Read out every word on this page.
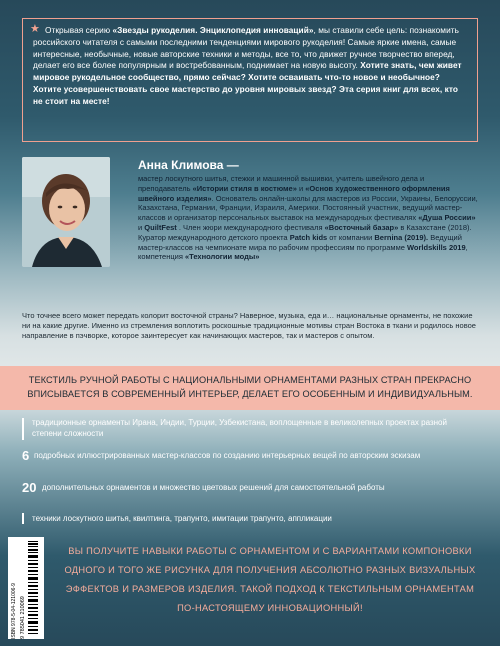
★ Открывая серию «Звезды рукоделия. Энциклопедия инноваций», мы ставили себе цель: познакомить российского читателя с самыми последними тенденциями мирового рукоделия! Самые яркие имена, самые интересные, необычные, новые авторские техники и методы, все то, что движет ручное творчество вперед, делает его все более популярным и востребованным, поднимает на новую высоту. Хотите знать, чем живет мировое рукодельное сообщество, прямо сейчас? Хотите осваивать что-то новое и необычное? Хотите усовершенствовать свое мастерство до уровня мировых звезд? Эта серия книг для всех, кто не стоит на месте!

Анна Климова —

мастер лоскутного шитья, стежки и машинной вышивки, учитель швейного дела и преподаватель «Истории стиля в костюме» и «Основ художественного оформления швейного изделия». Основатель онлайн-школы для мастеров из России, Украины, Белоруссии, Казахстана, Германии, Франции, Израиля, Америки. Постоянный участник, ведущий мастер-классов и организатор персональных выставок на международных фестивалях «Душа России» и QuiltFest . Член жюри международного фестиваля «Восточный базар» в Казахстане (2018). Куратор международного детского проекта Patch kids от компании Bernina (2019). Ведущий мастер-классов на чемпионате мира по рабочим профессиям по программе Worldskills 2019, компетенция «Технологии моды»

Что точнее всего может передать колорит восточной страны? Наверное, музыка, еда и… национальные орнаменты, не похожие ни на какие другие. Именно из стремления воплотить роскошные традиционные мотивы стран Востока в ткани и родилось новое направление в пэчворке, которое заинтересует как начинающих мастеров, так и мастеров с опытом.

ТЕКСТИЛЬ РУЧНОЙ РАБОТЫ С НАЦИОНАЛЬНЫМИ ОРНАМЕНТАМИ РАЗНЫХ СТРАН ПРЕКРАСНО ВПИСЫВАЕТСЯ В СОВРЕМЕННЫЙ ИНТЕРЬЕР, ДЕЛАЕТ ЕГО ОСОБЕННЫМ И ИНДИВИДУАЛЬНЫМ.

традиционные орнаменты Ирана, Индии, Турции, Узбекистана, воплощенные в великолепных проектах разной степени сложности

6 подробных иллюстрированных мастер-классов по созданию интерьерных вещей по авторским эскизам

20 дополнительных орнаментов и множество цветовых решений для самостоятельной работы

техники лоскутного шитья, квилтинга, трапунто, имитации трапунто, аппликации

ISBN 978-5-04-121006-9 9 785041 210069

ВЫ ПОЛУЧИТЕ НАВЫКИ РАБОТЫ С ОРНАМЕНТОМ И С ВАРИАНТАМИ КОМПОНОВКИ ОДНОГО И ТОГО ЖЕ РИСУНКА ДЛЯ ПОЛУЧЕНИЯ АБСОЛЮТНО РАЗНЫХ ВИЗУАЛЬНЫХ ЭФФЕКТОВ И РАЗМЕРОВ ИЗДЕЛИЯ. ТАКОЙ ПОДХОД К ТЕКСТИЛЬНЫМ ОРНАМЕНТАМ ПО-НАСТОЯЩЕМУ ИННОВАЦИОННЫЙ!
